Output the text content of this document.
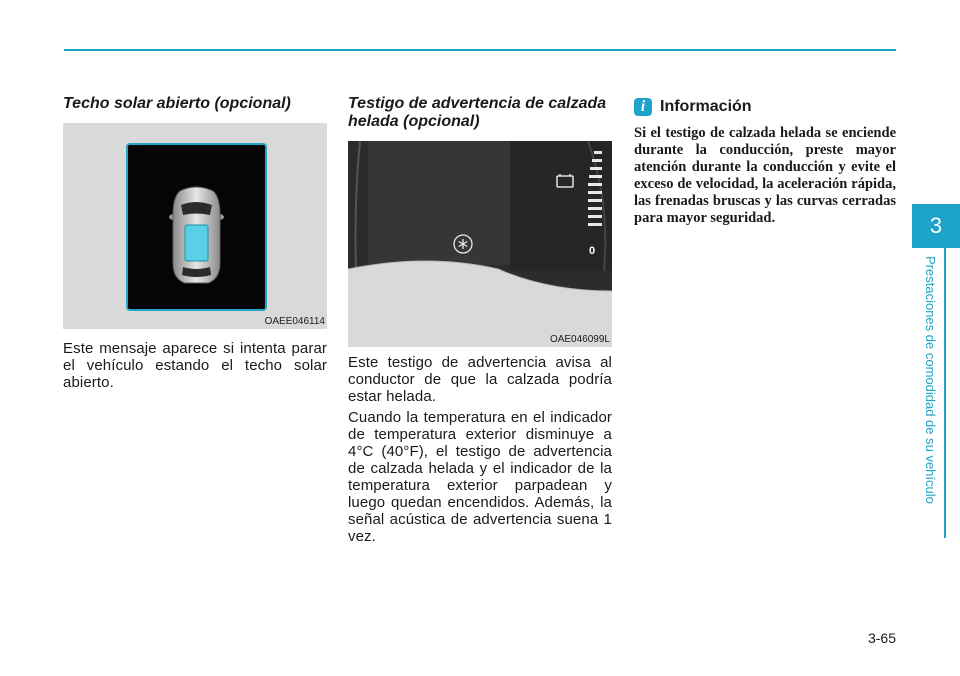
Techo solar abierto (opcional)
OAEE046114

Este mensaje aparece si intenta parar el vehículo estando el techo solar abierto.

Testigo de advertencia de calzada helada (opcional)
0
OAE046099L

Este testigo de advertencia avisa al conductor de que la calzada podría estar helada.

Cuando la temperatura en el indicador de temperatura exterior disminuye a 4°C (40°F), el testigo de advertencia de calzada helada y el indicador de la temperatura exterior parpadean y luego quedan encendidos. Además, la señal acústica de advertencia suena 1 vez.

i Información

Si el testigo de calzada helada se enciende durante la conducción, preste mayor atención durante la conducción y evite el exceso de velocidad, la aceleración rápida, las frenadas bruscas y las curvas cerradas para mayor seguridad.	3
Prestaciones de comodidad de su vehículo
3-65
